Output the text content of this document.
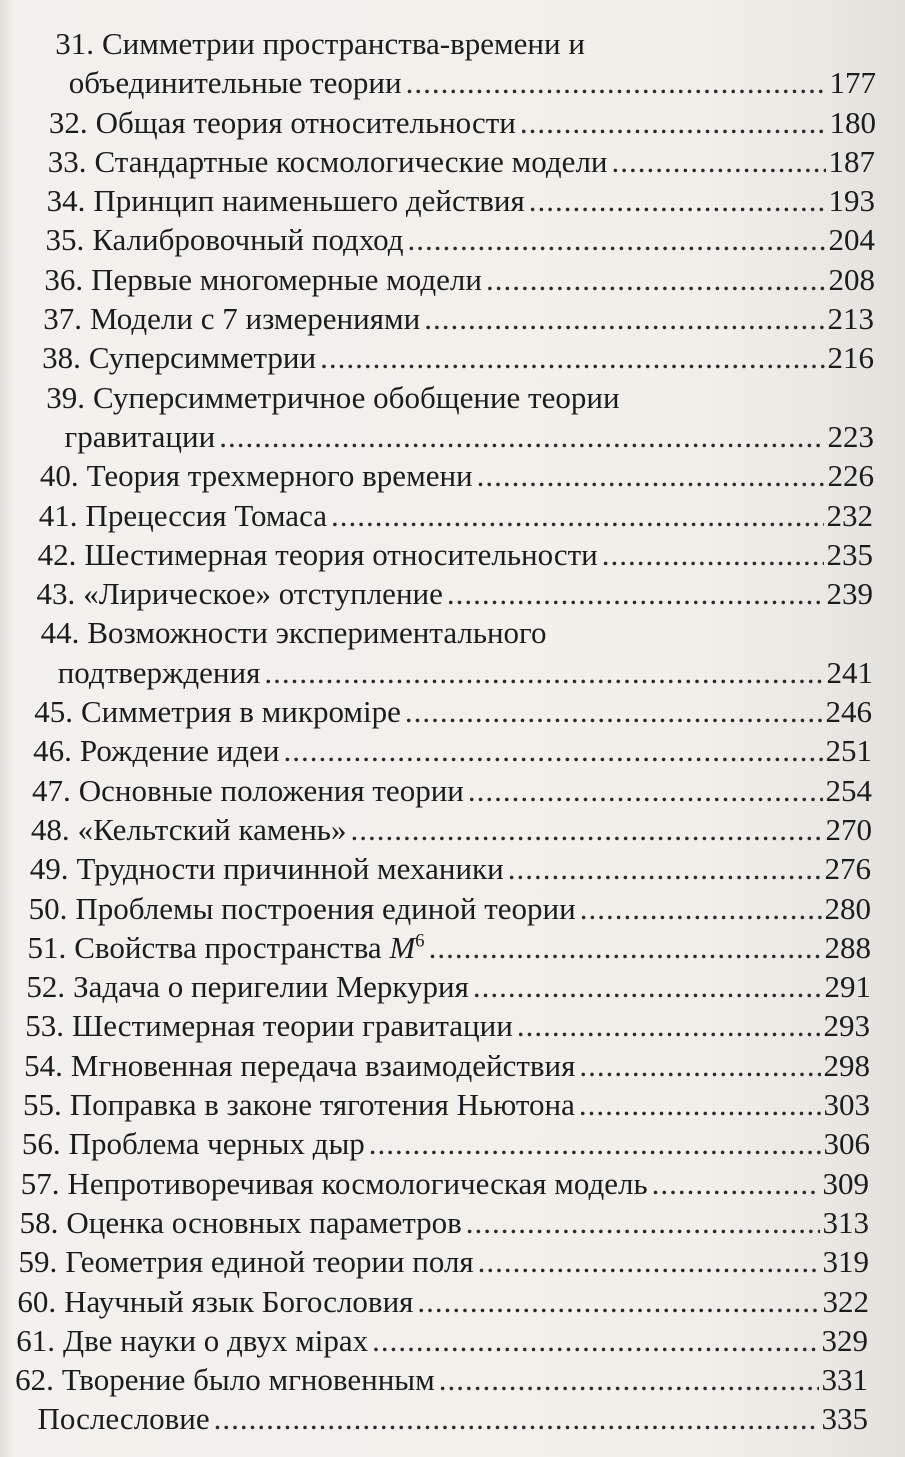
31. Симметрии пространства-времени и
объединительные теории .....	177
32. Общая теория относительности .....	180
33. Стандартные космологические модели .....	187
34. Принцип наименьшего действия .....	193
35. Калибровочный подход .....	204
36. Первые многомерные модели .....	208
37. Модели с 7 измерениями .....	213
38. Суперсимметрии .....	216
39. Суперсимметричное обобщение теории
гравитации .....	223
40. Теория трехмерного времени .....	226
41. Прецессия Томаса .....	232
42. Шестимерная теория относительности .....	235
43. «Лирическое» отступление .....	239
44. Возможности экспериментального
подтверждения .....	241
45. Симметрия в микромiре .....	246
46. Рождение идеи .....	251
47. Основные положения теории .....	254
48. «Кельтский камень» .....	270
49. Трудности причинной механики .....	276
50. Проблемы построения единой теории .....	280
51. Свойства пространства $M^6$ .....	288
52. Задача о перигелии Меркурия .....	291
53. Шестимерная теории гравитации .....	293
54. Мгновенная передача взаимодействия .....	298
55. Поправка в законе тяготения Ньютона .....	303
56. Проблема черных дыр .....	306
57. Непротиворечивая космологическая модель .....	309
58. Оценка основных параметров .....	313
59. Геометрия единой теории поля .....	319
60. Научный язык Богословия .....	322
61. Две науки о двух мiрах .....	329
62. Творение было мгновенным .....	331
Послесловие .....	335
